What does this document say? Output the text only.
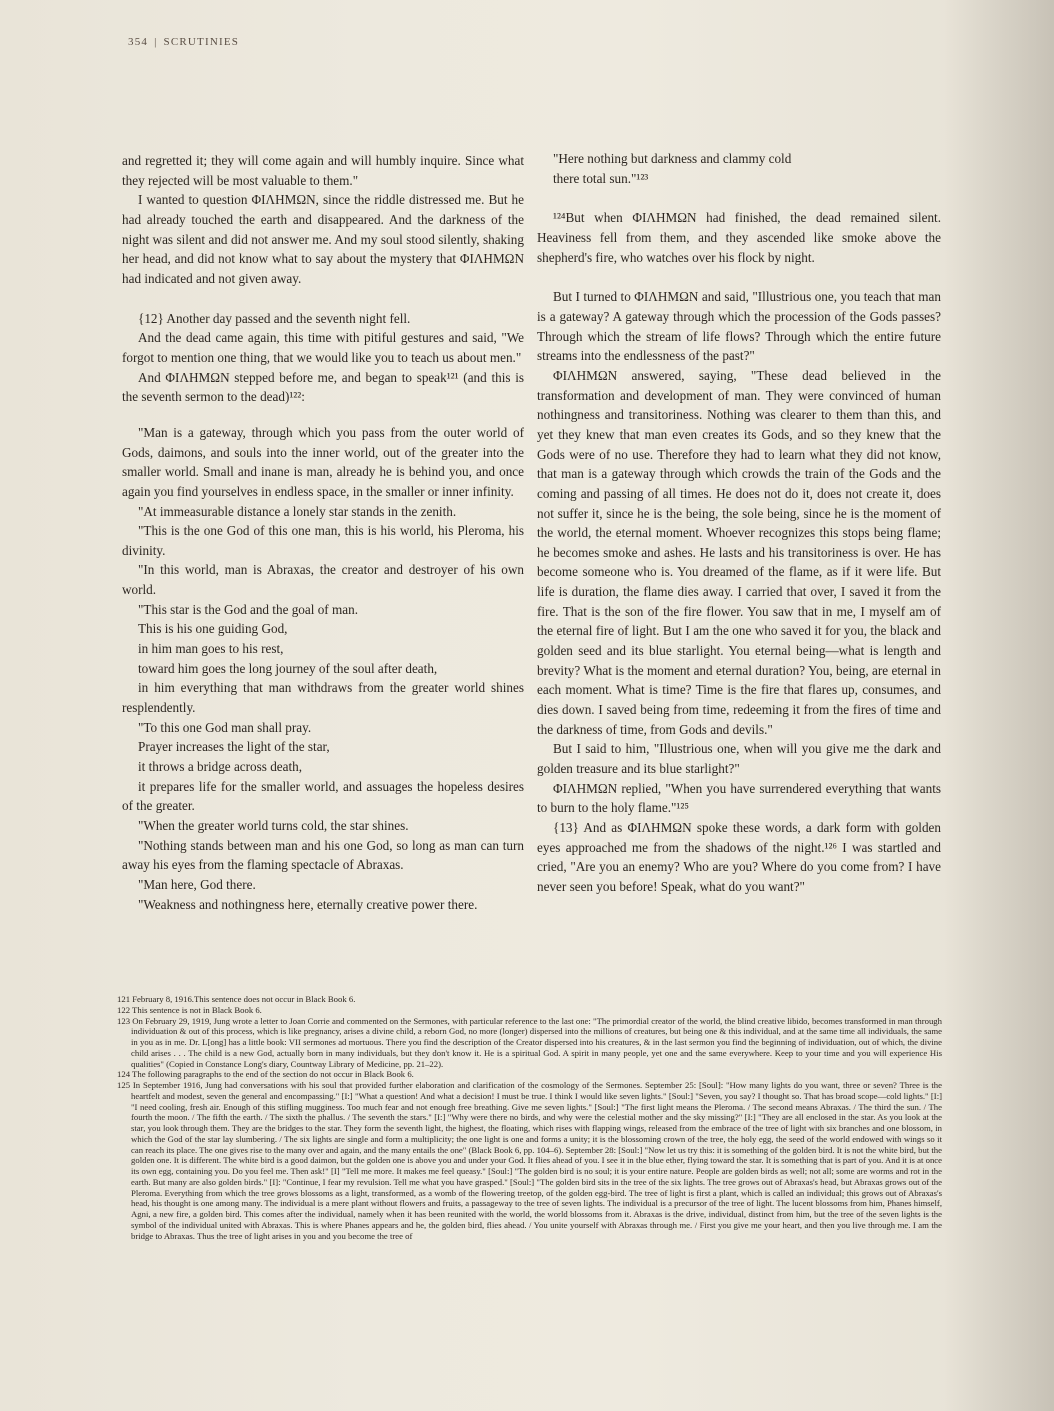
354 | SCRUTINIES

and regretted it; they will come again and will humbly inquire. Since what they rejected will be most valuable to them."

I wanted to question ΦΙΛΗΜΩΝ, since the riddle distressed me. But he had already touched the earth and disappeared. And the darkness of the night was silent and did not answer me. And my soul stood silently, shaking her head, and did not know what to say about the mystery that ΦΙΛΗΜΩΝ had indicated and not given away.

{12} Another day passed and the seventh night fell.

And the dead came again, this time with pitiful gestures and said, "We forgot to mention one thing, that we would like you to teach us about men."

And ΦΙΛΗΜΩΝ stepped before me, and began to speak¹²¹ (and this is the seventh sermon to the dead)¹²²:

"Man is a gateway, through which you pass from the outer world of Gods, daimons, and souls into the inner world, out of the greater into the smaller world. Small and inane is man, already he is behind you, and once again you find yourselves in endless space, in the smaller or inner infinity.

"At immeasurable distance a lonely star stands in the zenith.

"This is the one God of this one man, this is his world, his Pleroma, his divinity.

"In this world, man is Abraxas, the creator and destroyer of his own world.

"This star is the God and the goal of man.

This is his one guiding God,

in him man goes to his rest,

toward him goes the long journey of the soul after death,

in him everything that man withdraws from the greater world shines resplendently.

"To this one God man shall pray.

Prayer increases the light of the star,

it throws a bridge across death,

it prepares life for the smaller world, and assuages the hopeless desires of the greater.

"When the greater world turns cold, the star shines.

"Nothing stands between man and his one God, so long as man can turn away his eyes from the flaming spectacle of Abraxas.

"Man here, God there.

"Weakness and nothingness here, eternally creative power there.

"Here nothing but darkness and clammy cold

there total sun."¹²³

¹²⁴But when ΦΙΛΗΜΩΝ had finished, the dead remained silent. Heaviness fell from them, and they ascended like smoke above the shepherd's fire, who watches over his flock by night.

But I turned to ΦΙΛΗΜΩΝ and said, "Illustrious one, you teach that man is a gateway? A gateway through which the procession of the Gods passes? Through which the stream of life flows? Through which the entire future streams into the endlessness of the past?"

ΦΙΛΗΜΩΝ answered, saying, "These dead believed in the transformation and development of man. They were convinced of human nothingness and transitoriness. Nothing was clearer to them than this, and yet they knew that man even creates its Gods, and so they knew that the Gods were of no use. Therefore they had to learn what they did not know, that man is a gateway through which crowds the train of the Gods and the coming and passing of all times. He does not do it, does not create it, does not suffer it, since he is the being, the sole being, since he is the moment of the world, the eternal moment. Whoever recognizes this stops being flame; he becomes smoke and ashes. He lasts and his transitoriness is over. He has become someone who is. You dreamed of the flame, as if it were life. But life is duration, the flame dies away. I carried that over, I saved it from the fire. That is the son of the fire flower. You saw that in me, I myself am of the eternal fire of light. But I am the one who saved it for you, the black and golden seed and its blue starlight. You eternal being—what is length and brevity? What is the moment and eternal duration? You, being, are eternal in each moment. What is time? Time is the fire that flares up, consumes, and dies down. I saved being from time, redeeming it from the fires of time and the darkness of time, from Gods and devils."

But I said to him, "Illustrious one, when will you give me the dark and golden treasure and its blue starlight?"

ΦΙΛΗΜΩΝ replied, "When you have surrendered everything that wants to burn to the holy flame."¹²⁵

{13} And as ΦΙΛΗΜΩΝ spoke these words, a dark form with golden eyes approached me from the shadows of the night.¹²⁶ I was startled and cried, "Are you an enemy? Who are you? Where do you come from? I have never seen you before! Speak, what do you want?"

121 February 8, 1916.This sentence does not occur in Black Book 6.

122 This sentence is not in Black Book 6.

123 On February 29, 1919, Jung wrote a letter to Joan Corrie and commented on the Sermones, with particular reference to the last one: "The primordial creator of the world, the blind creative libido, becomes transformed in man through individuation & out of this process, which is like pregnancy, arises a divine child, a reborn God, no more (longer) dispersed into the millions of creatures, but being one & this individual, and at the same time all individuals, the same in you as in me. Dr. L[ong] has a little book: VII sermones ad mortuous. There you find the description of the Creator dispersed into his creatures, & in the last sermon you find the beginning of individuation, out of which, the divine child arises . . . The child is a new God, actually born in many individuals, but they don't know it. He is a spiritual God. A spirit in many people, yet one and the same everywhere. Keep to your time and you will experience His qualities" (Copied in Constance Long's diary, Countway Library of Medicine, pp. 21–22).

124 The following paragraphs to the end of the section do not occur in Black Book 6.

125 In September 1916, Jung had conversations with his soul that provided further elaboration and clarification of the cosmology of the Sermones. September 25: [Soul]: "How many lights do you want, three or seven? Three is the heartfelt and modest, seven the general and encompassing." [I:] "What a question! And what a decision! I must be true. I think I would like seven lights." [Soul:] "Seven, you say? I thought so. That has broad scope—cold lights." [I:] "I need cooling, fresh air. Enough of this stifling mugginess. Too much fear and not enough free breathing. Give me seven lights." [Soul:] "The first light means the Pleroma. / The second means Abraxas. / The third the sun. / The fourth the moon. / The fifth the earth. / The sixth the phallus. / The seventh the stars." [I:] "Why were there no birds, and why were the celestial mother and the sky missing?" [I:] "They are all enclosed in the star. As you look at the star, you look through them. They are the bridges to the star. They form the seventh light, the highest, the floating, which rises with flapping wings, released from the embrace of the tree of light with six branches and one blossom, in which the God of the star lay slumbering. / The six lights are single and form a multiplicity; the one light is one and forms a unity; it is the blossoming crown of the tree, the holy egg, the seed of the world endowed with wings so it can reach its place. The one gives rise to the many over and again, and the many entails the one" (Black Book 6, pp. 104–6). September 28: [Soul:] "Now let us try this: it is something of the golden bird. It is not the white bird, but the golden one. It is different. The white bird is a good daimon, but the golden one is above you and under your God. It flies ahead of you. I see it in the blue ether, flying toward the star. It is something that is part of you. And it is at once its own egg, containing you. Do you feel me. Then ask!" [I] "Tell me more. It makes me feel queasy." [Soul:] "The golden bird is no soul; it is your entire nature. People are golden birds as well; not all; some are worms and rot in the earth. But many are also golden birds." [I]: "Continue, I fear my revulsion. Tell me what you have grasped." [Soul:] "The golden bird sits in the tree of the six lights. The tree grows out of Abraxas's head, but Abraxas grows out of the Pleroma. Everything from which the tree grows blossoms as a light, transformed, as a womb of the flowering treetop, of the golden egg-bird. The tree of light is first a plant, which is called an individual; this grows out of Abraxas's head, his thought is one among many. The individual is a mere plant without flowers and fruits, a passageway to the tree of seven lights. The individual is a precursor of the tree of light. The lucent blossoms from him, Phanes himself, Agni, a new fire, a golden bird. This comes after the individual, namely when it has been reunited with the world, the world blossoms from it. Abraxas is the drive, individual, distinct from him, but the tree of the seven lights is the symbol of the individual united with Abraxas. This is where Phanes appears and he, the golden bird, flies ahead. / You unite yourself with Abraxas through me. / First you give me your heart, and then you live through me. I am the bridge to Abraxas. Thus the tree of light arises in you and you become the tree of
